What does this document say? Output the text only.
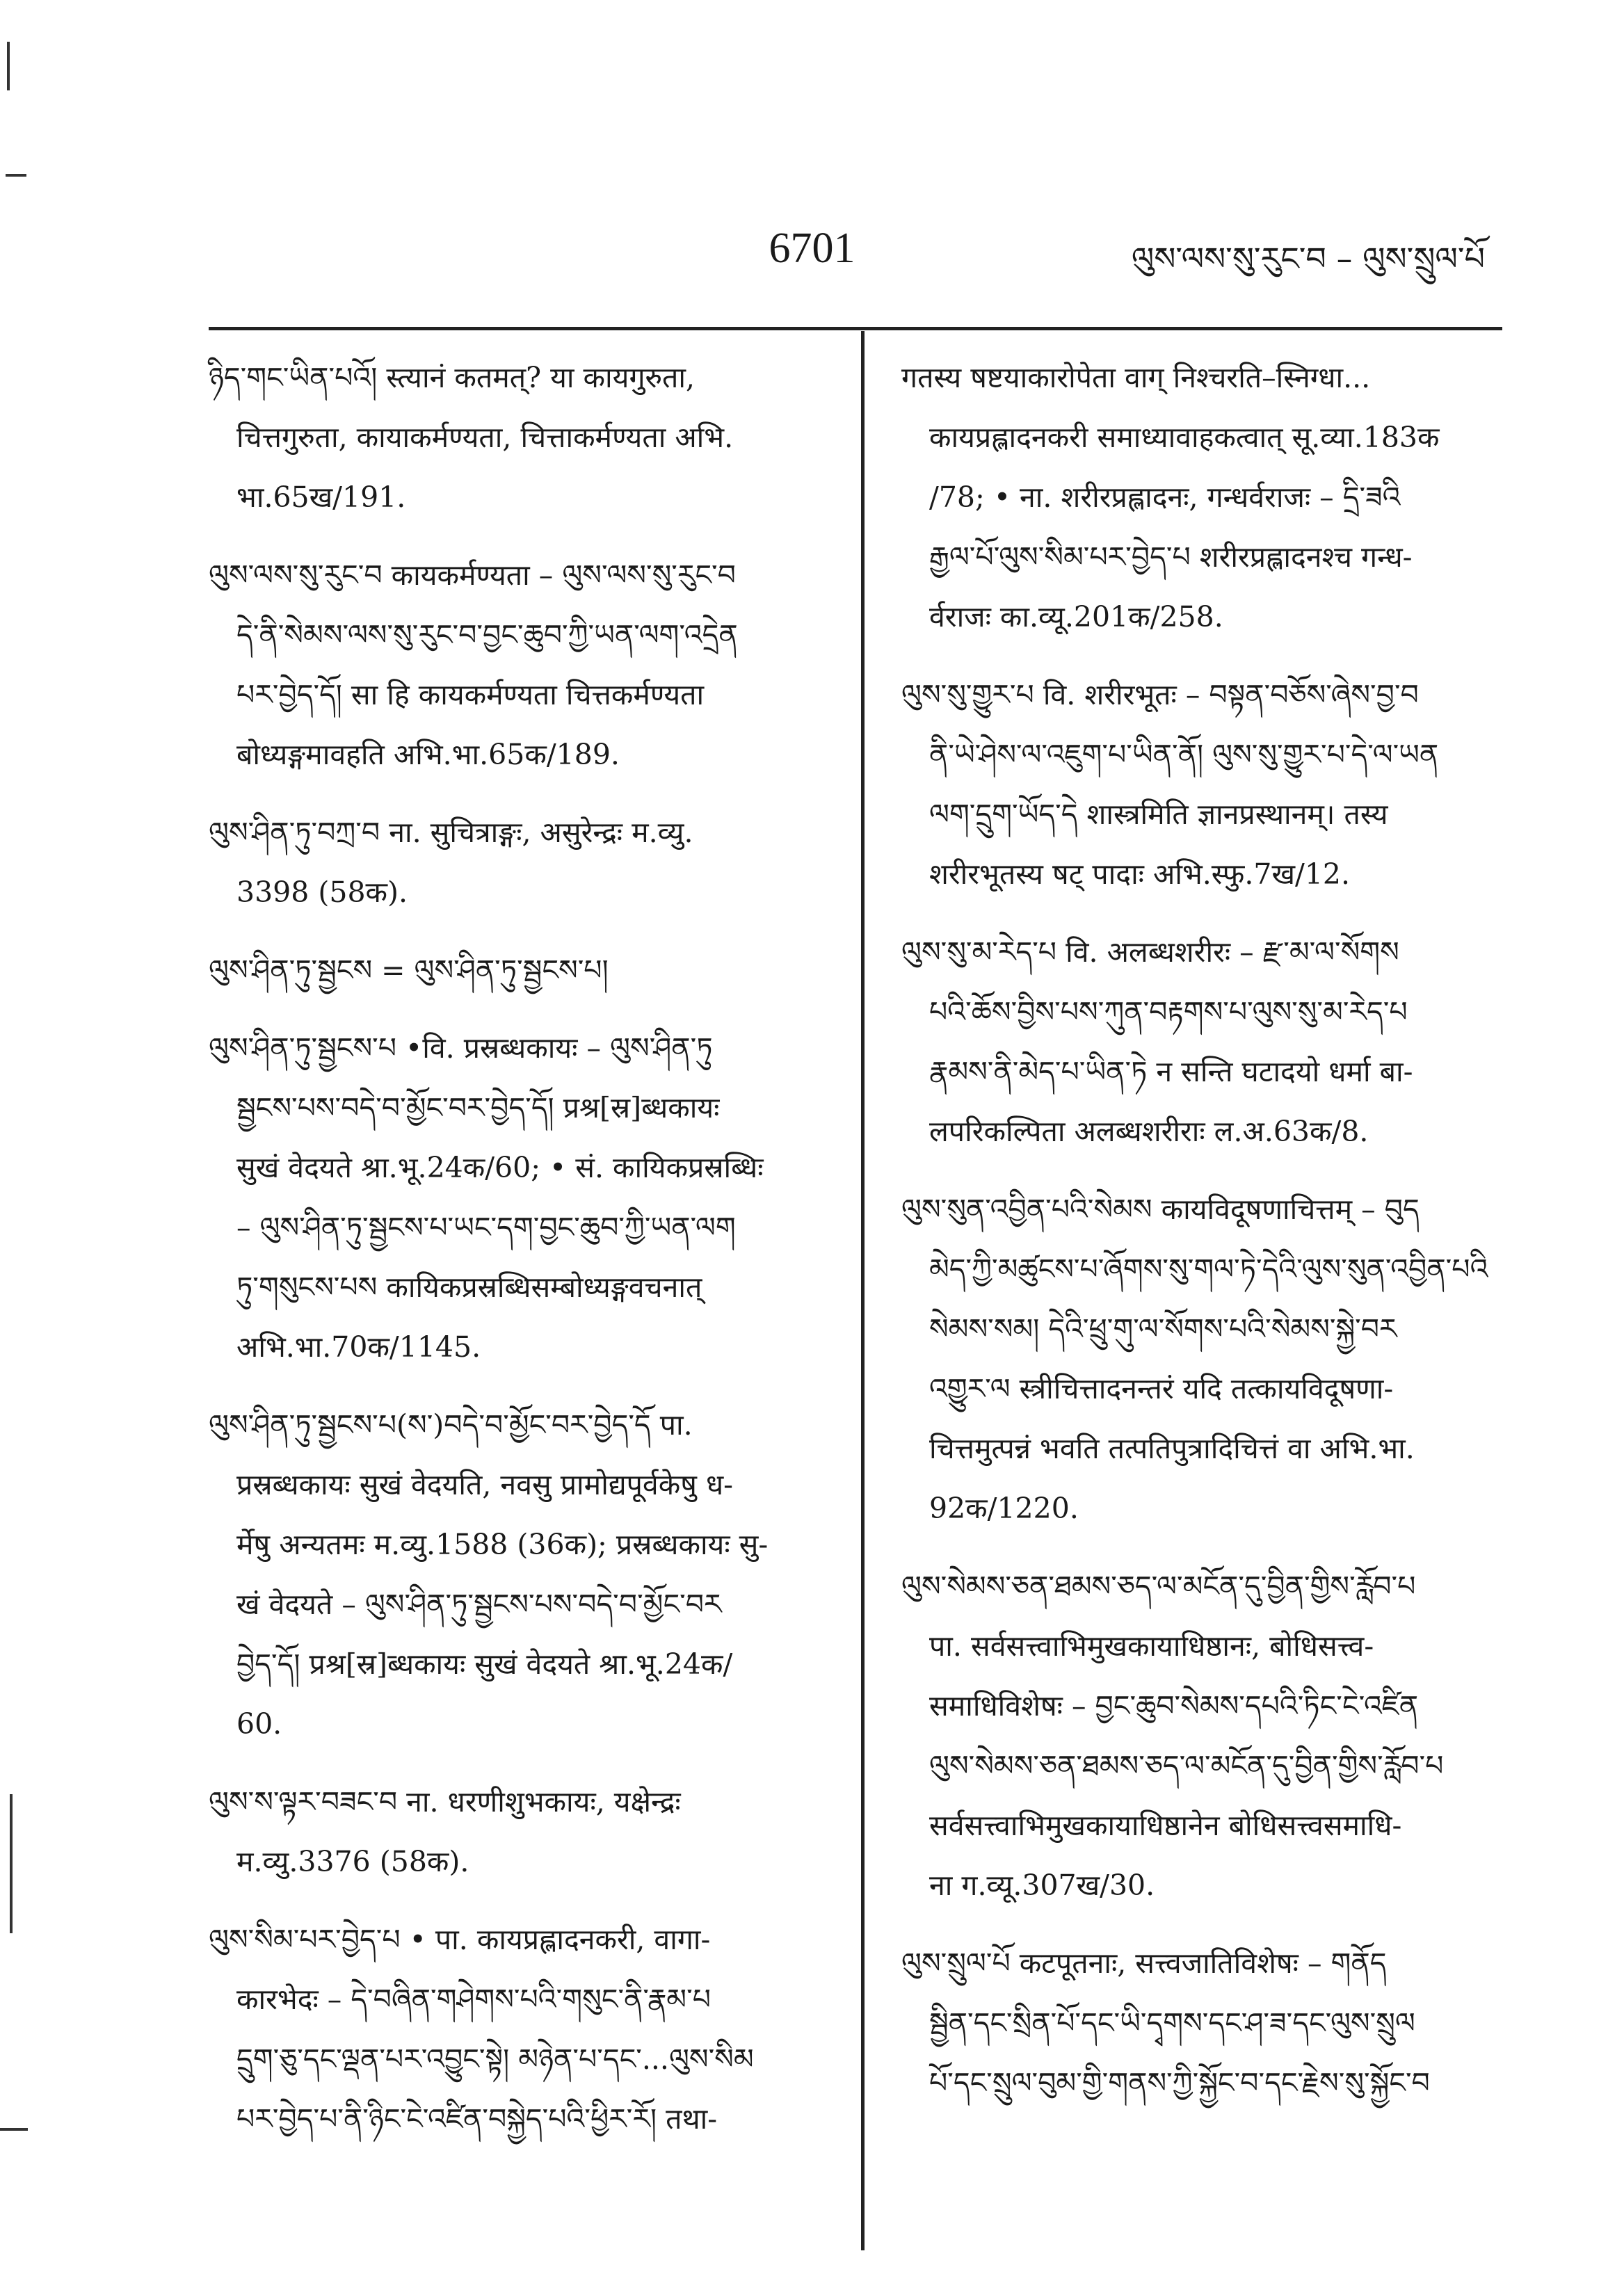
6701	ལུས་ལས་སུ་རུང་བ – ལུས་སྲུལ་པོ
ཉིད་གང་ཡིན་པའོ། स्त्यानं कतमत्? या कायगुरुता,
चित्तगुरुता, कायाकर्मण्यता, चित्ताकर्मण्यता अभि.
भा.65ख/191.
ལུས་ལས་སུ་རུང་བ कायकर्मण्यता – ལུས་ལས་སུ་རུང་བ
དེ་ནི་སེམས་ལས་སུ་རུང་བ་བྱང་ཆུབ་ཀྱི་ཡན་ལག་འདྲེན
པར་བྱེད་དོ། सा हि कायकर्मण्यता चित्तकर्मण्यता
बोध्यङ्गमावहति अभि.भा.65क/189.
ལུས་ཤིན་ཏུ་བཀྲ་བ ना. सुचित्राङ्गः, असुरेन्द्रः म.व्यु.
3398 (58क).
ལུས་ཤིན་ཏུ་སྦྱངས = ལུས་ཤིན་ཏུ་སྦྱངས་པ།
ལུས་ཤིན་ཏུ་སྦྱངས་པ •वि. प्रस्रब्धकायः – ལུས་ཤིན་ཏུ
སྦྱངས་པས་བདེ་བ་མྱོང་བར་བྱེད་དོ། प्रश्र[स्र]ब्धकायः
सुखं वेदयते श्रा.भू.24क/60; • सं. कायिकप्रस्रब्धिः
– ལུས་ཤིན་ཏུ་སྦྱངས་པ་ཡང་དག་བྱང་ཆུབ་ཀྱི་ཡན་ལག
ཏུ་གསུངས་པས कायिकप्रस्रब्धिसम्बोध्यङ्गवचनात्
अभि.भा.70क/1145.
ལུས་ཤིན་ཏུ་སྦྱངས་པ(ས་)བདེ་བ་མྱོང་བར་བྱེད་དོ पा.
प्रस्रब्धकायः सुखं वेदयति, नवसु प्रामोद्यपूर्वकेषु ध-
र्मेषु अन्यतमः म.व्यु.1588 (36क); प्रस्रब्धकायः सु-
खं वेदयते – ལུས་ཤིན་ཏུ་སྦྱངས་པས་བདེ་བ་མྱོང་བར
བྱེད་དོ། प्रश्र[स्र]ब्धकायः सुखं वेदयते श्रा.भू.24क/
60.
ལུས་ས་ལྟར་བཟང་བ ना. धरणीशुभकायः, यक्षेन्द्रः
म.व्यु.3376 (58क).
ལུས་སིམ་པར་བྱེད་པ • पा. कायप्रह्लादनकरी, वागा-
कारभेदः – དེ་བཞིན་གཤེགས་པའི་གསུང་ནི་རྣམ་པ
དྲུག་ཅུ་དང་ལྡན་པར་འབྱུང་སྟེ། མཉེན་པ་དང་...ལུས་སིམ
པར་བྱེད་པ་ནི་ཉིང་ངེ་འཛིན་བསྐྱེད་པའི་ཕྱིར་རོ། तथा-
गतस्य षष्टयाकारोपेता वाग् निश्चरति–स्निग्धा...
कायप्रह्लादनकरी समाध्यावाहकत्वात् सू.व्या.183क
/78; • ना. शरीरप्रह्लादनः, गन्धर्वराजः – དྲི་ཟའི
རྒྱལ་པོ་ལུས་སིམ་པར་བྱེད་པ शरीरप्रह्लादनश्च गन्ध-
र्वराजः का.व्यू.201क/258.
ལུས་སུ་གྱུར་པ वि. शरीरभूतः – བསྟན་བཅོས་ཞེས་བྱ་བ
ནི་ཡེ་ཤེས་ལ་འཇུག་པ་ཡིན་ནོ། ལུས་སུ་གྱུར་པ་དེ་ལ་ཡན
ལག་དྲུག་ཡོད་དེ शास्त्रमिति ज्ञानप्रस्थानम्। तस्य
शरीरभूतस्य षट् पादाः अभि.स्फु.7ख/12.
ལུས་སུ་མ་རེད་པ वि. अलब्धशरीरः – རྫ་མ་ལ་སོགས
པའི་ཆོས་བྱིས་པས་ཀུན་བརྟགས་པ་ལུས་སུ་མ་རེད་པ
རྣམས་ནི་མེད་པ་ཡིན་ཏེ न सन्ति घटादयो धर्मा बा-
लपरिकल्पिता अलब्धशरीराः ल.अ.63क/8.
ལུས་སུན་འབྱིན་པའི་སེམས कायविदूषणाचित्तम् – བུད
མེད་ཀྱི་མཚུངས་པ་ཞོགས་སུ་གལ་ཏེ་དེའི་ལུས་སུན་འབྱིན་པའི
སེམས་སམ། དེའི་ཕྲུ་གུ་ལ་སོགས་པའི་སེམས་སྐྱེ་བར
འགྱུར་ལ स्त्रीचित्तादनन्तरं यदि तत्कायविदूषणा-
चित्तमुत्पन्नं भवति तत्पतिपुत्रादिचित्तं वा अभि.भा.
92क/1220.
ལུས་སེམས་ཅན་ཐམས་ཅད་ལ་མངོན་དུ་བྱིན་གྱིས་རློབ་པ
पा. सर्वसत्त्वाभिमुखकायाधिष्ठानः, बोधिसत्त्व-
समाधिविशेषः – བྱང་ཆུབ་སེམས་དཔའི་ཏིང་ངེ་འཛིན
ལུས་སེམས་ཅན་ཐམས་ཅད་ལ་མངོན་དུ་བྱིན་གྱིས་རློབ་པ
सर्वसत्त्वाभिमुखकायाधिष्ठानेन बोधिसत्त्वसमाधि-
ना ग.व्यू.307ख/30.
ལུས་སྲུལ་པོ कटपूतनाः, सत्त्वजातिविशेषः – གནོད
སྦྱིན་དང་སྲིན་པོ་དང་ཡི་དྭགས་དང་ཤ་ཟ་དང་ལུས་སྲུལ
པོ་དང་སྲུལ་བུམ་གྱི་གནས་ཀྱི་སྐྱོང་བ་དང་རྗེས་སུ་སྐྱོང་བ
